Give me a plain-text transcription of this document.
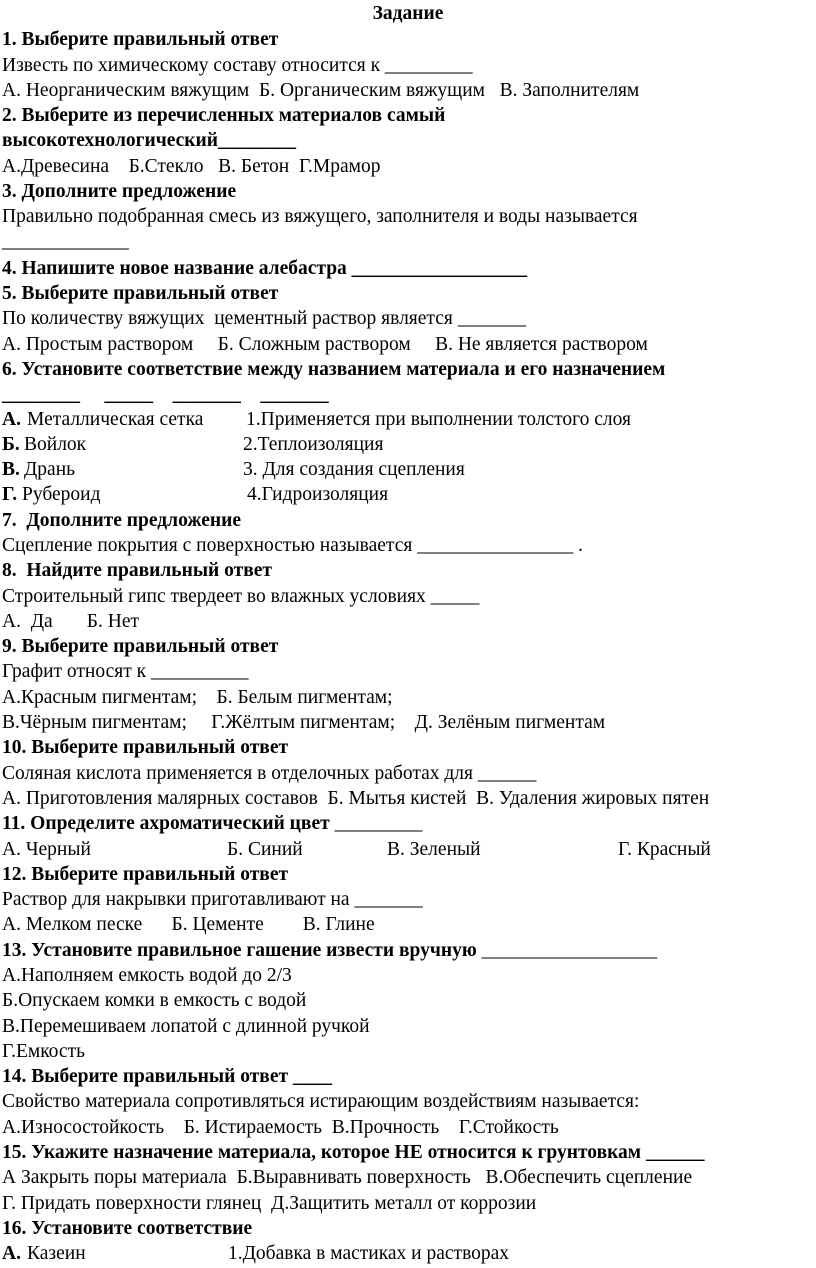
Задание
1. Выберите правильный ответ
Известь по химическому составу относится к _________
А. Неорганическим вяжущим  Б. Органическим вяжущим   В. Заполнителям
2. Выберите из перечисленных материалов самый
высокотехнологический________
А.Древесина    Б.Стекло   В. Бетон  Г.Мрамор
3. Дополните предложение
Правильно подобранная смесь из вяжущего, заполнителя и воды называется
_____________
4. Напишите новое название алебастра __________________
5. Выберите правильный ответ
По количеству вяжущих  цементный раствор является _______
А. Простым раствором     Б. Сложным раствором     В. Не является раствором
6. Установите соответствие между названием материала и его назначением
________     _____    _______    _______
А. Металлическая сетка 1.Применяется при выполнении толстого слоя
Б. Войлок	2.Теплоизоляция
В. Дрань	3. Для создания сцепления
Г. Рубероид	4.Гидроизоляция
7.  Дополните предложение
Сцепление покрытия с поверхностью называется ________________ .
8.  Найдите правильный ответ
Строительный гипс твердеет во влажных условиях _____
А.  Да       Б. Нет
9. Выберите правильный ответ
Графит относят к __________
А.Красным пигментам;    Б. Белым пигментам;
В.Чёрным пигментам;     Г.Жёлтым пигментам;    Д. Зелёным пигментам
10. Выберите правильный ответ
Соляная кислота применяется в отделочных работах для ______
А. Приготовления малярных составов  Б. Мытья кистей  В. Удаления жировых пятен
11. Определите ахроматический цвет _________
А. Черный	Б. Синий	В. Зеленый	Г. Красный
12. Выберите правильный ответ
Раствор для накрывки приготавливают на _______
А. Мелком песке      Б. Цементе        В. Глине
13. Установите правильное гашение извести вручную __________________
А.Наполняем емкость водой до 2/3
Б.Опускаем комки в емкость с водой
В.Перемешиваем лопатой с длинной ручкой
Г.Емкость
14. Выберите правильный ответ ____
Свойство материала сопротивляться истирающим воздействиям называется:
А.Износостойкость    Б. Истираемость  В.Прочность    Г.Стойкость
15. Укажите назначение материала, которое НЕ относится к грунтовкам ______
А Закрыть поры материала  Б.Выравнивать поверхность   В.Обеспечить сцепление
Г. Придать поверхности глянец  Д.Защитить металл от коррозии
16. Установите соответствие
А. Казеин	1.Добавка в мастиках и растворах
